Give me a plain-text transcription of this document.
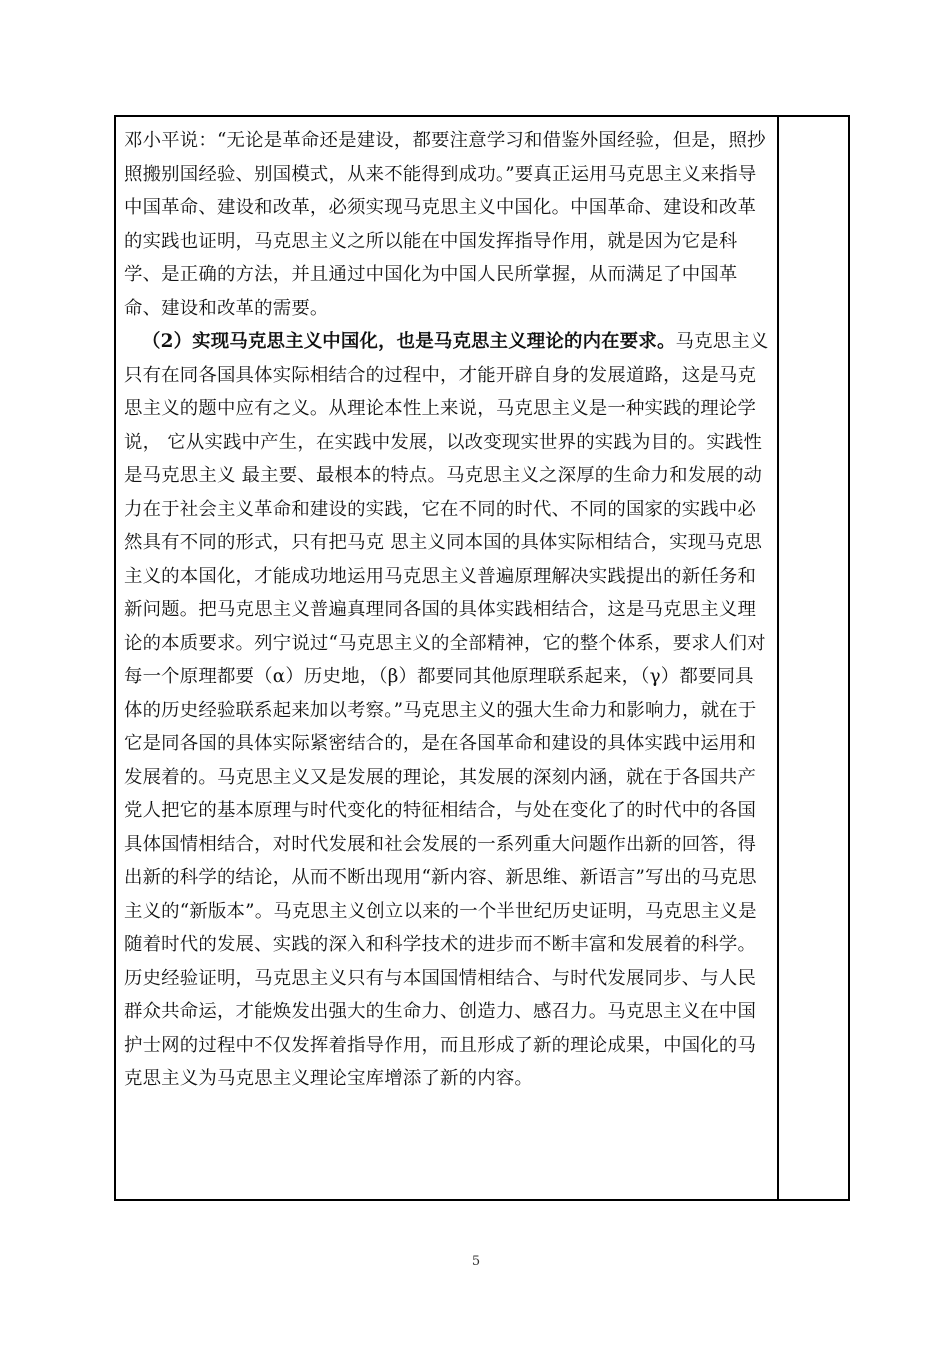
邓小平说：“无论是革命还是建设，都要注意学习和借鉴外国经验，但是，照抄照搬别国经验、别国模式，从来不能得到成功。”要真正运用马克思主义来指导中国革命、建设和改革，必须实现马克思主义中国化。中国革命、建设和改革的实践也证明，马克思主义之所以能在中国发挥指导作用，就是因为它是科学、是正确的方法，并且通过中国化为中国人民所掌握，从而满足了中国革命、建设和改革的需要。

（2）实现马克思主义中国化，也是马克思主义理论的内在要求。马克思主义只有在同各国具体实际相结合的过程中，才能开辟自身的发展道路，这是马克思主义的题中应有之义。从理论本性上来说，马克思主义是一种实践的理论学说， 它从实践中产生，在实践中发展，以改变现实世界的实践为目的。实践性是马克思主义 最主要、最根本的特点。马克思主义之深厚的生命力和发展的动力在于社会主义革命和建设的实践，它在不同的时代、不同的国家的实践中必然具有不同的形式，只有把马克 思主义同本国的具体实际相结合，实现马克思主义的本国化，才能成功地运用马克思主义普遍原理解决实践提出的新任务和新问题。把马克思主义普遍真理同各国的具体实践相结合，这是马克思主义理论的本质要求。列宁说过“马克思主义的全部精神，它的整个体系，要求人们对每一个原理都要（α）历史地，（β）都要同其他原理联系起来，（γ）都要同具体的历史经验联系起来加以考察。”马克思主义的强大生命力和影响力，就在于它是同各国的具体实际紧密结合的，是在各国革命和建设的具体实践中运用和发展着的。马克思主义又是发展的理论，其发展的深刻内涵，就在于各国共产党人把它的基本原理与时代变化的特征相结合，与处在变化了的时代中的各国具体国情相结合，对时代发展和社会发展的一系列重大问题作出新的回答，得出新的科学的结论，从而不断出现用“新内容、新思维、新语言”写出的马克思主义的“新版本”。马克思主义创立以来的一个半世纪历史证明，马克思主义是随着时代的发展、实践的深入和科学技术的进步而不断丰富和发展着的科学。历史经验证明，马克思主义只有与本国国情相结合、与时代发展同步、与人民群众共命运，才能焕发出强大的生命力、创造力、感召力。马克思主义在中国护士网的过程中不仅发挥着指导作用，而且形成了新的理论成果，中国化的马克思主义为马克思主义理论宝库增添了新的内容。

5
